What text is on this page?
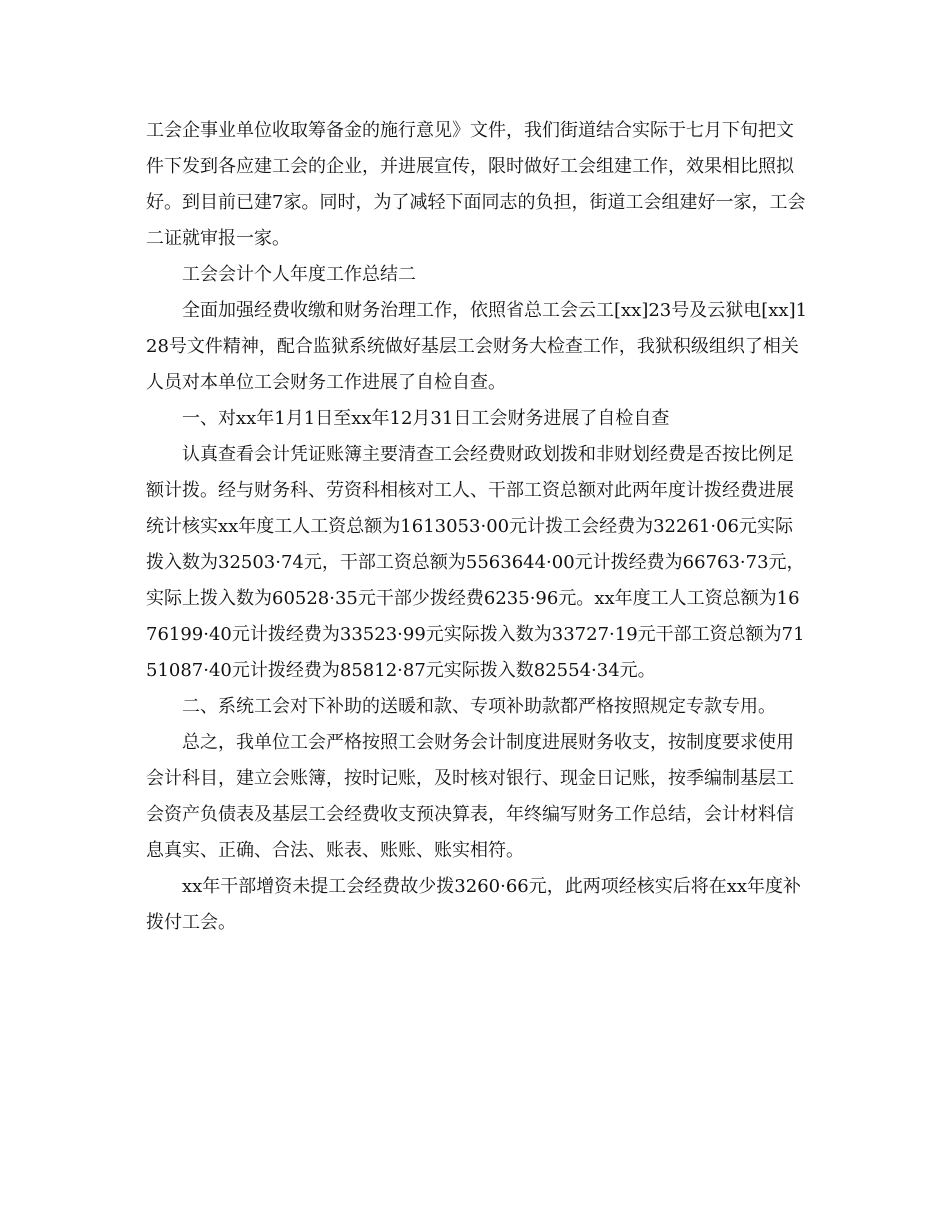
工会企事业单位收取筹备金的施行意见》文件，我们街道结合实际于七月下旬把文件下发到各应建工会的企业，并进展宣传，限时做好工会组建工作，效果相比照拟好。到目前已建7家。同时，为了减轻下面同志的负担，街道工会组建好一家，工会二证就审报一家。

工会会计个人年度工作总结二

全面加强经费收缴和财务治理工作，依照省总工会云工[xx]23号及云狱电[xx]128号文件精神，配合监狱系统做好基层工会财务大检查工作，我狱积级组织了相关人员对本单位工会财务工作进展了自检自查。

一、对xx年1月1日至xx年12月31日工会财务进展了自检自查

认真查看会计凭证账簿主要清查工会经费财政划拨和非财划经费是否按比例足额计拨。经与财务科、劳资科相核对工人、干部工资总额对此两年度计拨经费进展统计核实xx年度工人工资总额为1613053·00元计拨工会经费为32261·06元实际拨入数为32503·74元，干部工资总额为5563644·00元计拨经费为66763·73元，实际上拨入数为60528·35元干部少拨经费6235·96元。xx年度工人工资总额为1676199·40元计拨经费为33523·99元实际拨入数为33727·19元干部工资总额为7151087·40元计拨经费为85812·87元实际拨入数82554·34元。

二、系统工会对下补助的送暖和款、专项补助款都严格按照规定专款专用。

总之，我单位工会严格按照工会财务会计制度进展财务收支，按制度要求使用会计科目，建立会账簿，按时记账，及时核对银行、现金日记账，按季编制基层工会资产负债表及基层工会经费收支预决算表，年终编写财务工作总结，会计材料信息真实、正确、合法、账表、账账、账实相符。

xx年干部增资未提工会经费故少拨3260·66元，此两项经核实后将在xx年度补拨付工会。
